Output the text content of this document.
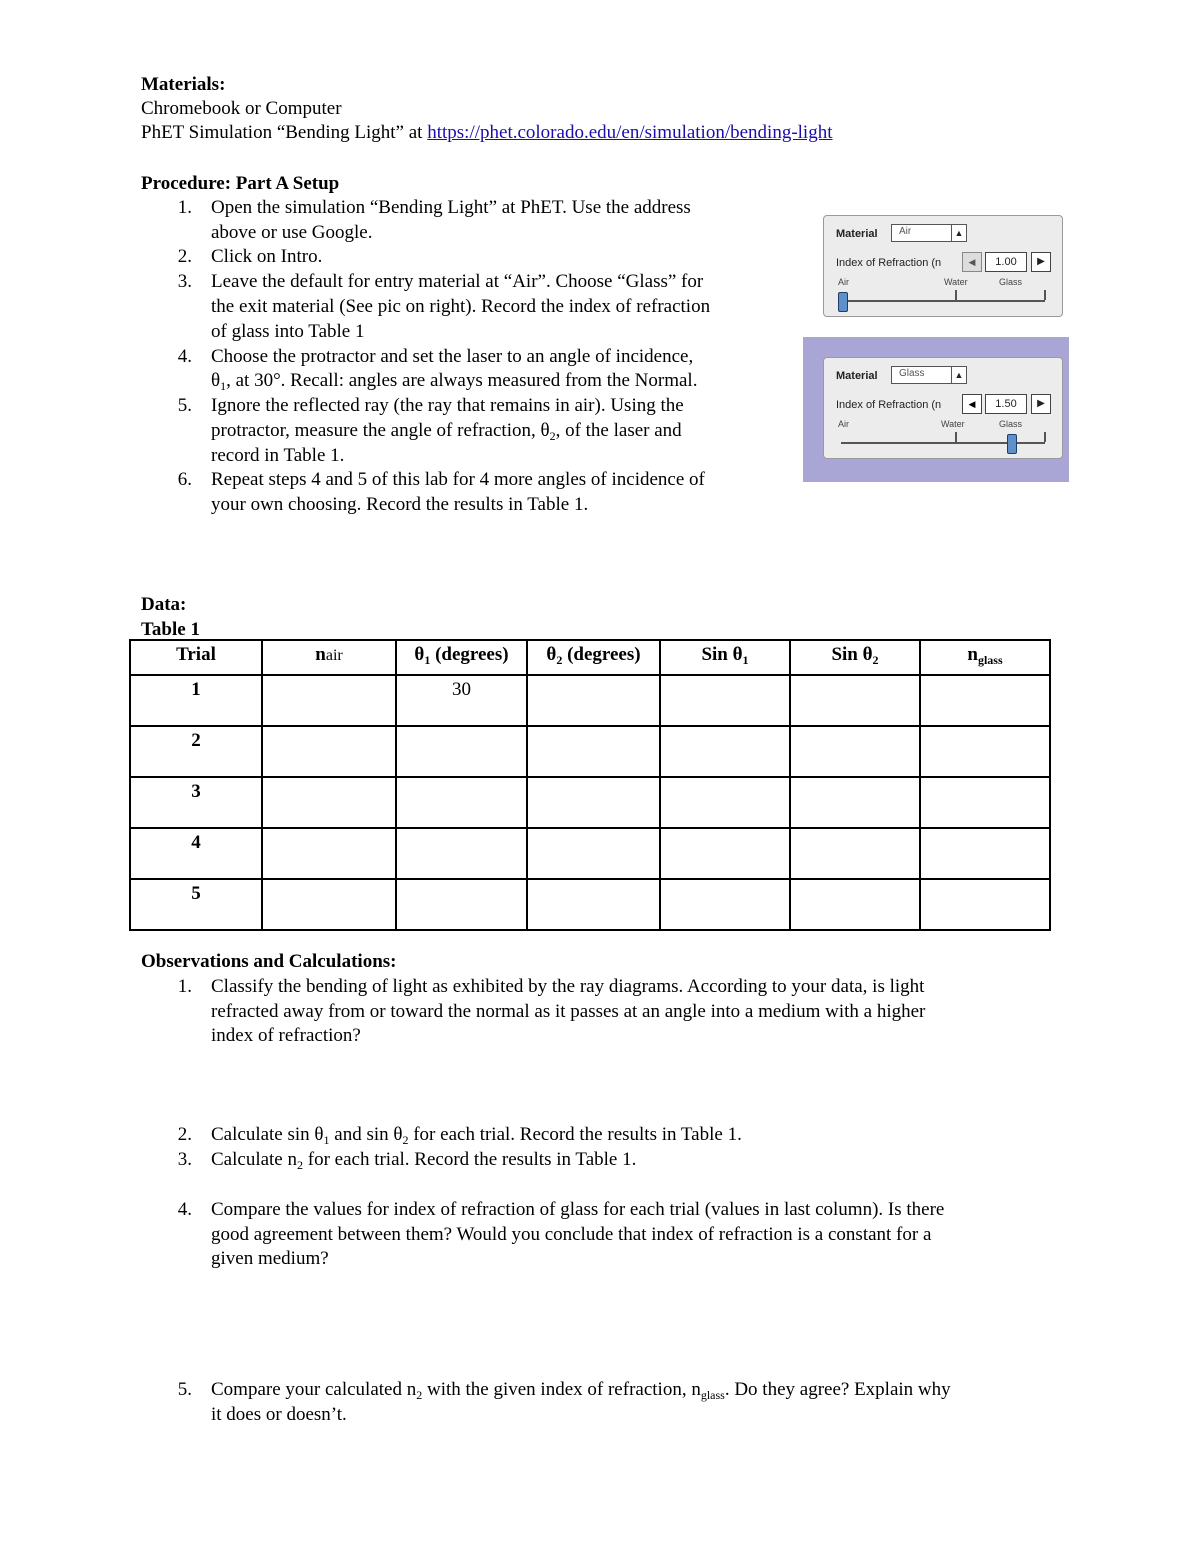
Materials:
Chromebook or Computer
PhET Simulation “Bending Light” at https://phet.colorado.edu/en/simulation/bending-light
Procedure: Part A Setup
1. Open the simulation “Bending Light” at PhET. Use the address
above or use Google.
2. Click on Intro.
3. Leave the default for entry material at “Air”. Choose “Glass” for
the exit material (See pic on right). Record the index of refraction
of glass into Table 1
4. Choose the protractor and set the laser to an angle of incidence,
$\theta_1$, at 30°. Recall: angles are always measured from the Normal.
5. Ignore the reflected ray (the ray that remains in air). Using the
protractor, measure the angle of refraction, $\theta_2$, of the laser and
record in Table 1.
6. Repeat steps 4 and 5 of this lab for 4 more angles of incidence of
your own choosing. Record the results in Table 1.
Material Air	▲
Index of Refraction (n	◀	1.00	▶
Air	Water	Glass
Material Glass	▲
Index of Refraction (n	◀	1.50	▶
Air	Water	Glass
Data:
Table 1
Trial	nair	$\theta_1$ (degrees)	$\theta_2$ (degrees)	Sin $\theta_1$	Sin $\theta_2$	$n_{glass}$
1		30				
2						
3						
4						
5						
Observations and Calculations:
1. Classify the bending of light as exhibited by the ray diagrams. According to your data, is light
refracted away from or toward the normal as it passes at an angle into a medium with a higher
index of refraction?
2. Calculate $\sin \theta_1$ and $\sin \theta_2$ for each trial. Record the results in Table 1.
3. Calculate $n_2$ for each trial. Record the results in Table 1.
4. Compare the values for index of refraction of glass for each trial (values in last column). Is there
good agreement between them? Would you conclude that index of refraction is a constant for a
given medium?
5. Compare your calculated $n_2$ with the given index of refraction, $n_{glass}$. Do they agree? Explain why
it does or doesn’t.
